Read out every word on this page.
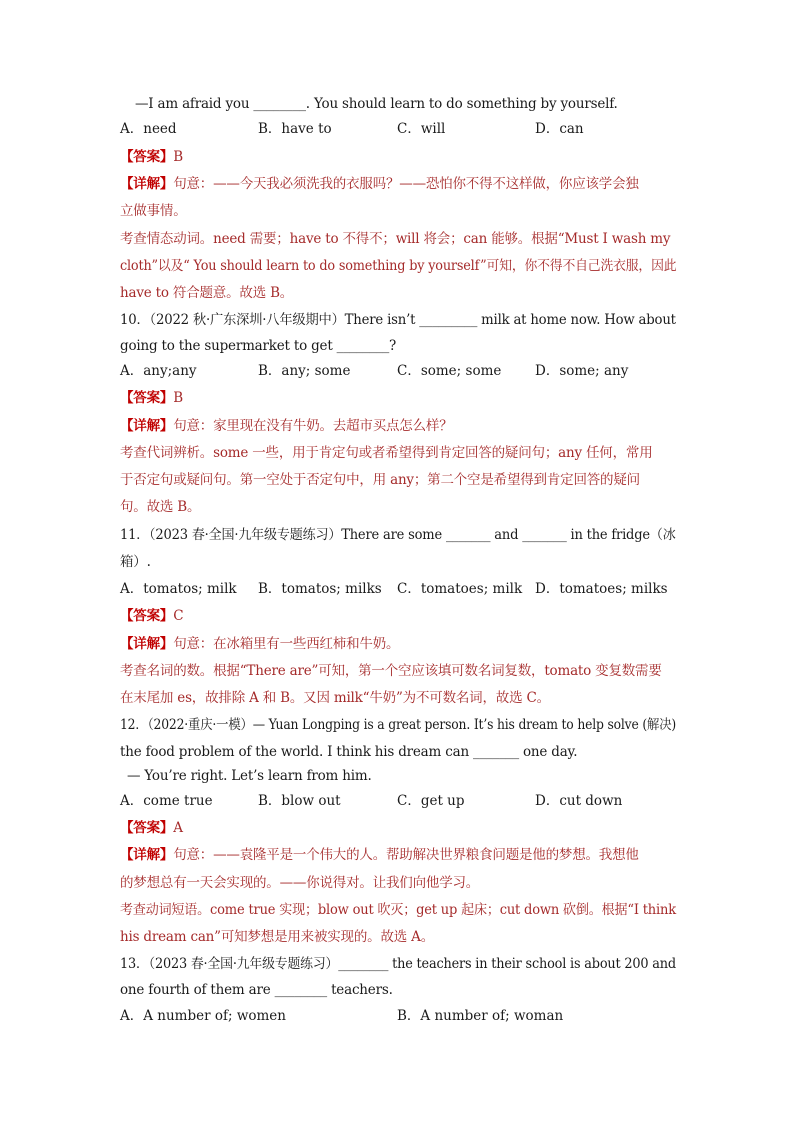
—I am afraid you ________. You should learn to do something by yourself.
A．need	B．have to	C．will	D．can
【答案】B
【详解】句意：——今天我必须洗我的衣服吗？——恐怕你不得不这样做，你应该学会独
立做事情。
考查情态动词。need 需要；have to 不得不；will 将会；can 能够。根据“Must I wash my
cloth”以及“ You should learn to do something by yourself”可知，你不得不自己洗衣服，因此
have to 符合题意。故选 B。
10．（2022 秋·广东深圳·八年级期中）There isn’t _________ milk at home now. How about
going to the supermarket to get ________?
A．any;any	B．any; some	C．some; some D．some; any
【答案】B
【详解】句意：家里现在没有牛奶。去超市买点怎么样？
考查代词辨析。some 一些，用于肯定句或者希望得到肯定回答的疑问句；any 任何，常用
于否定句或疑问句。第一空处于否定句中，用 any；第二个空是希望得到肯定回答的疑问
句。故选 B。
11．（2023 春·全国·九年级专题练习）There are some _______ and _______ in the fridge（冰
箱）.
A．tomatos; milk B．tomatos; milks C．tomatoes; milk D．tomatoes; milks
【答案】C
【详解】句意：在冰箱里有一些西红柿和牛奶。
考查名词的数。根据“There are”可知，第一个空应该填可数名词复数，tomato 变复数需要
在末尾加 es，故排除 A 和 B。又因 milk“牛奶”为不可数名词，故选 C。
12．（2022·重庆·一模）— Yuan Longping is a great person. It’s his dream to help solve (解决)
the food problem of the world. I think his dream can _______ one day.
— You’re right. Let’s learn from him.
A．come true	B．blow out	C．get up	D．cut down
【答案】A
【详解】句意：——袁隆平是一个伟大的人。帮助解决世界粮食问题是他的梦想。我想他
的梦想总有一天会实现的。——你说得对。让我们向他学习。
考查动词短语。come true 实现；blow out 吹灭；get up 起床；cut down 砍倒。根据“I think
his dream can”可知梦想是用来被实现的。故选 A。
13．（2023 春·全国·九年级专题练习）________ the teachers in their school is about 200 and
one fourth of them are ________ teachers.
A．A number of; women	B．A number of; woman
